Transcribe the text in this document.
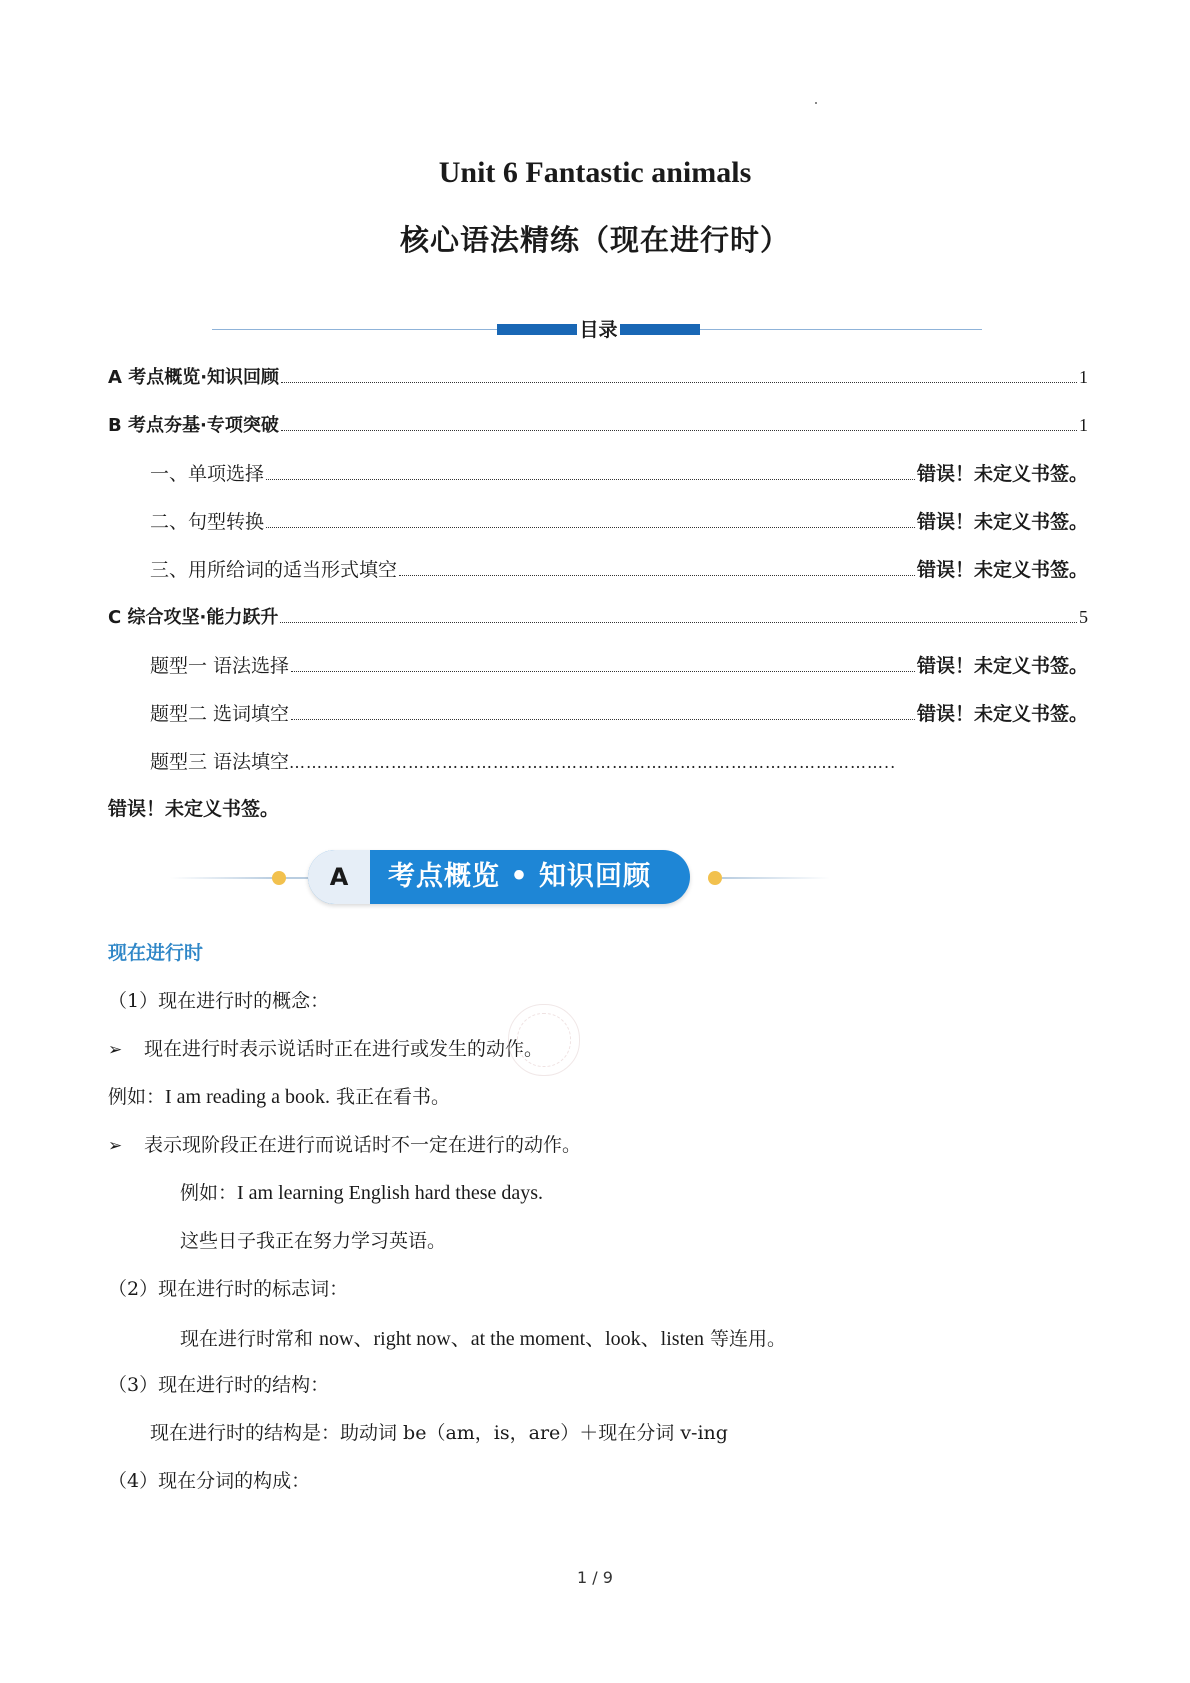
Unit 6 Fantastic animals
核心语法精练（现在进行时）
目录
A 考点概览·知识回顾	1
B 考点夯基·专项突破	1
一、单项选择	错误！未定义书签。
二、句型转换	错误！未定义书签。
三、用所给词的适当形式填空	错误！未定义书签。
C 综合攻坚·能力跃升	5
题型一 语法选择	错误！未定义书签。
题型二 选词填空	错误！未定义书签。
题型三 语法填空 ……………………………………………………………………………………………..
错误！未定义书签。
A	考点概览 • 知识回顾
现在进行时
（1）现在进行时的概念：
➢ 现在进行时表示说话时正在进行或发生的动作。
例如：I am reading a book. 我正在看书。
➢ 表示现阶段正在进行而说话时不一定在进行的动作。
例如：I am learning English hard these days.
这些日子我正在努力学习英语。
（2）现在进行时的标志词：
现在进行时常和 now、right now、at the moment、look、listen 等连用。
（3）现在进行时的结构：
现在进行时的结构是：助动词 be（am，is，are）＋现在分词 v-ing
（4）现在分词的构成：
1 / 9
